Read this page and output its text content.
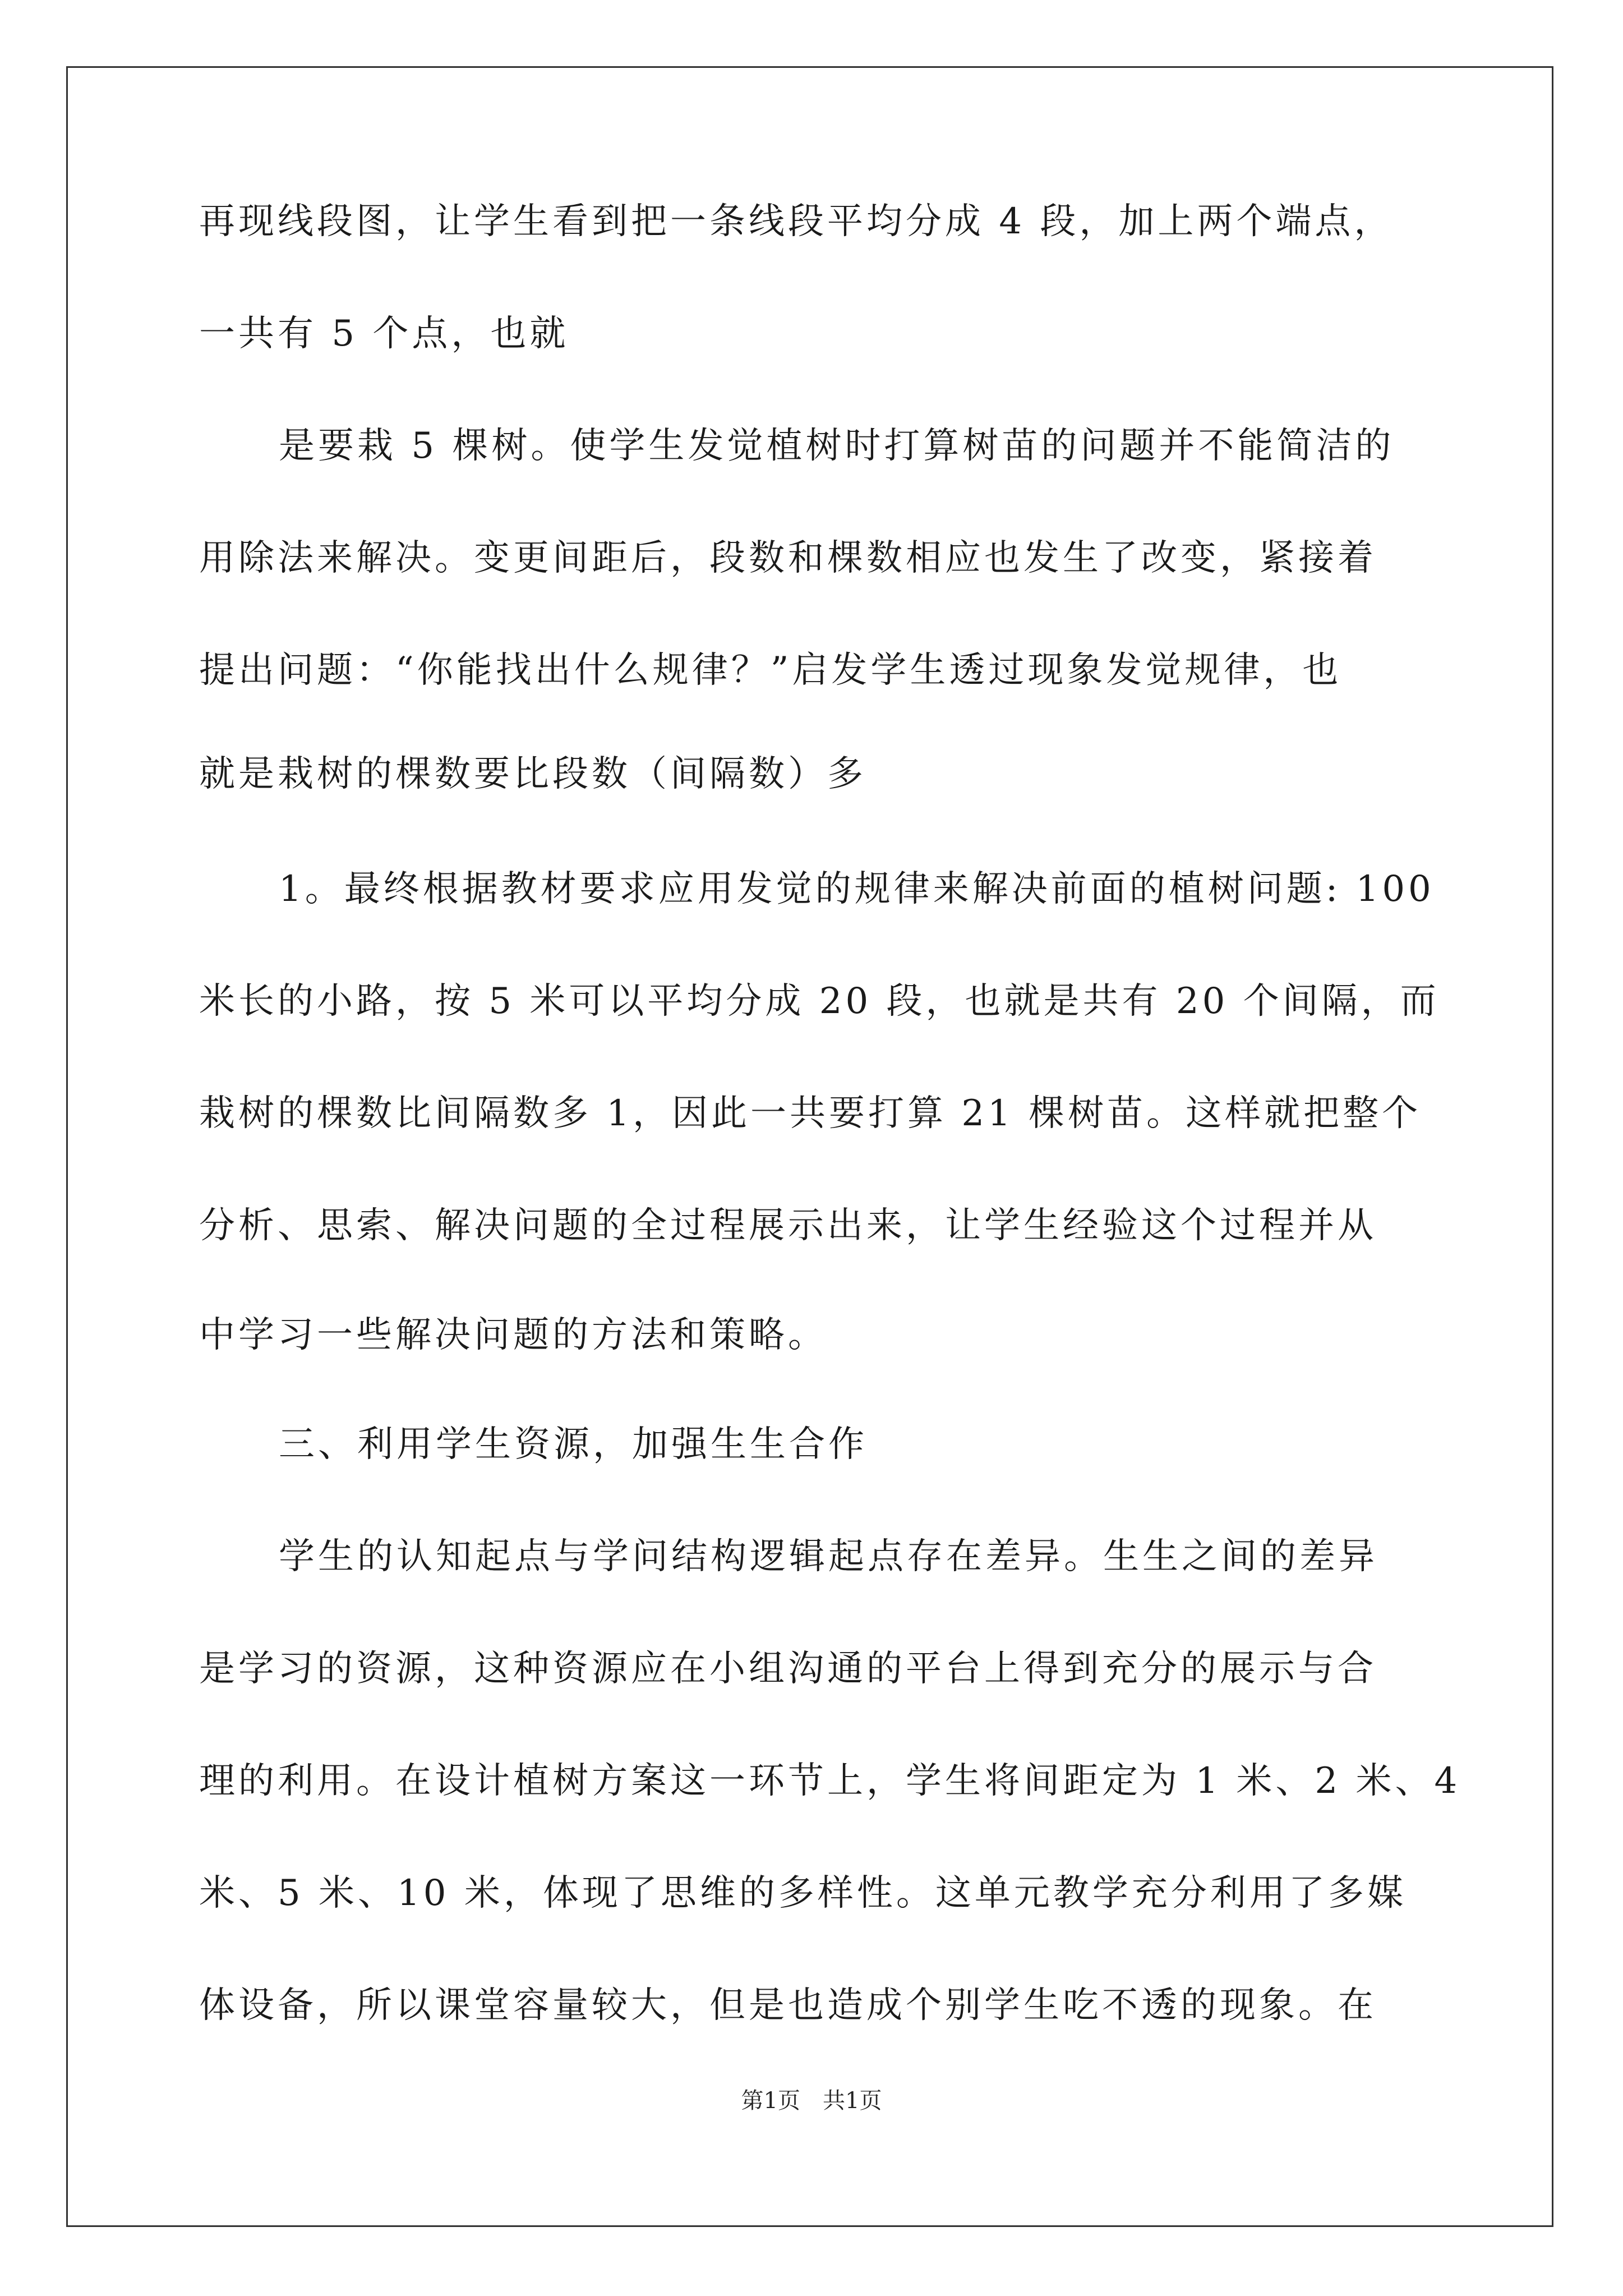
再现线段图，让学生看到把一条线段平均分成 4 段，加上两个端点，
一共有 5 个点，也就
是要栽 5 棵树。使学生发觉植树时打算树苗的问题并不能简洁的
用除法来解决。变更间距后，段数和棵数相应也发生了改变，紧接着
提出问题：“你能找出什么规律？”启发学生透过现象发觉规律，也
就是栽树的棵数要比段数（间隔数）多
1。最终根据教材要求应用发觉的规律来解决前面的植树问题: 100
米长的小路，按 5 米可以平均分成 20 段，也就是共有 20 个间隔，而
栽树的棵数比间隔数多 1，因此一共要打算 21 棵树苗。这样就把整个
分析、思索、解决问题的全过程展示出来，让学生经验这个过程并从
中学习一些解决问题的方法和策略。
三、利用学生资源，加强生生合作
学生的认知起点与学问结构逻辑起点存在差异。生生之间的差异
是学习的资源，这种资源应在小组沟通的平台上得到充分的展示与合
理的利用。在设计植树方案这一环节上，学生将间距定为 1 米、2 米、4
米、5 米、10 米，体现了思维的多样性。这单元教学充分利用了多媒
体设备，所以课堂容量较大，但是也造成个别学生吃不透的现象。在
第1页　共1页
